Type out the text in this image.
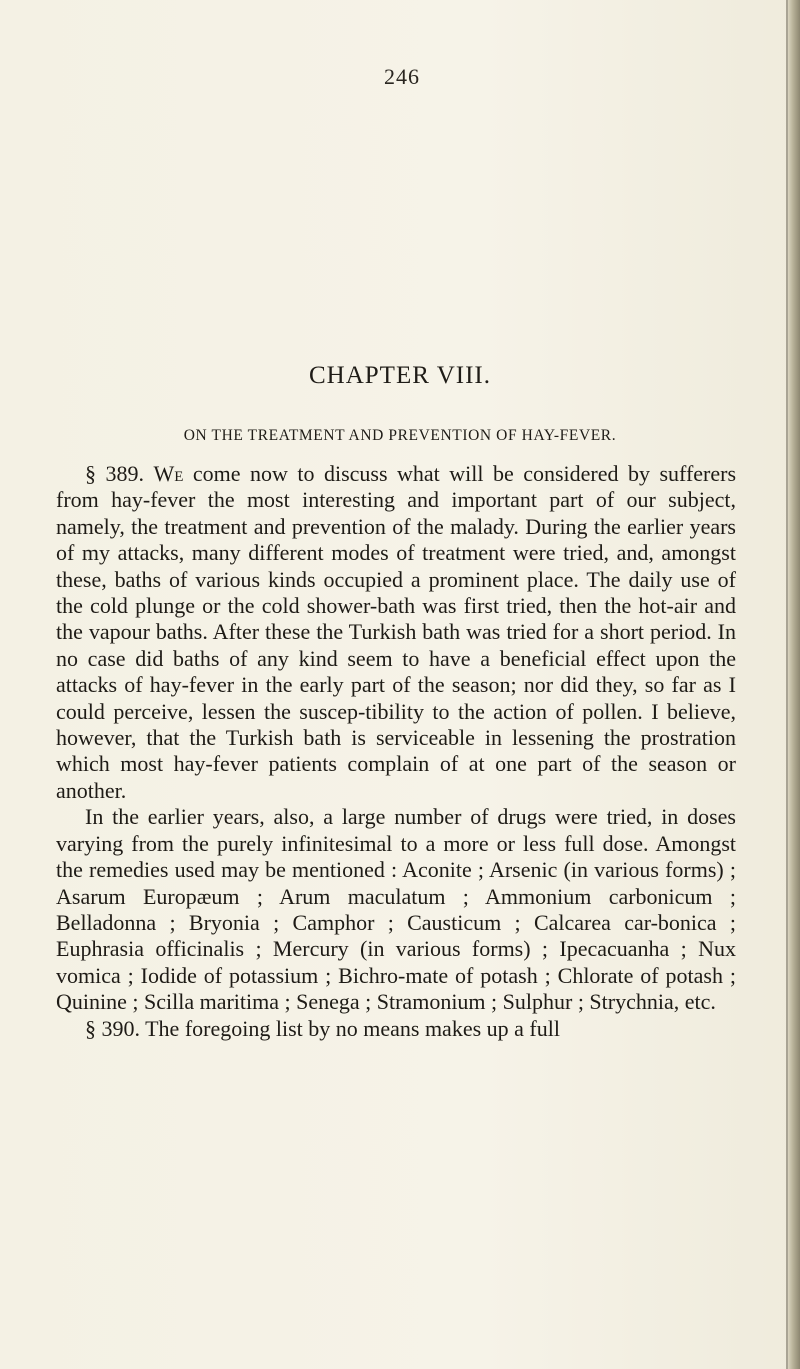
246
CHAPTER VIII.
ON THE TREATMENT AND PREVENTION OF HAY-FEVER.

§ 389. We come now to discuss what will be considered by sufferers from hay-fever the most interesting and important part of our subject, namely, the treatment and prevention of the malady. During the earlier years of my attacks, many different modes of treatment were tried, and, amongst these, baths of various kinds occupied a prominent place. The daily use of the cold plunge or the cold shower-bath was first tried, then the hot-air and the vapour baths. After these the Turkish bath was tried for a short period. In no case did baths of any kind seem to have a beneficial effect upon the attacks of hay-fever in the early part of the season; nor did they, so far as I could perceive, lessen the suscep-tibility to the action of pollen. I believe, however, that the Turkish bath is serviceable in lessening the prostration which most hay-fever patients complain of at one part of the season or another.

In the earlier years, also, a large number of drugs were tried, in doses varying from the purely infinitesimal to a more or less full dose. Amongst the remedies used may be mentioned : Aconite ; Arsenic (in various forms) ; Asarum Europæum ; Arum maculatum ; Ammonium carbonicum ; Belladonna ; Bryonia ; Camphor ; Causticum ; Calcarea car-bonica ; Euphrasia officinalis ; Mercury (in various forms) ; Ipecacuanha ; Nux vomica ; Iodide of potassium ; Bichro-mate of potash ; Chlorate of potash ; Quinine ; Scilla maritima ; Senega ; Stramonium ; Sulphur ; Strychnia, etc.

§ 390. The foregoing list by no means makes up a full
